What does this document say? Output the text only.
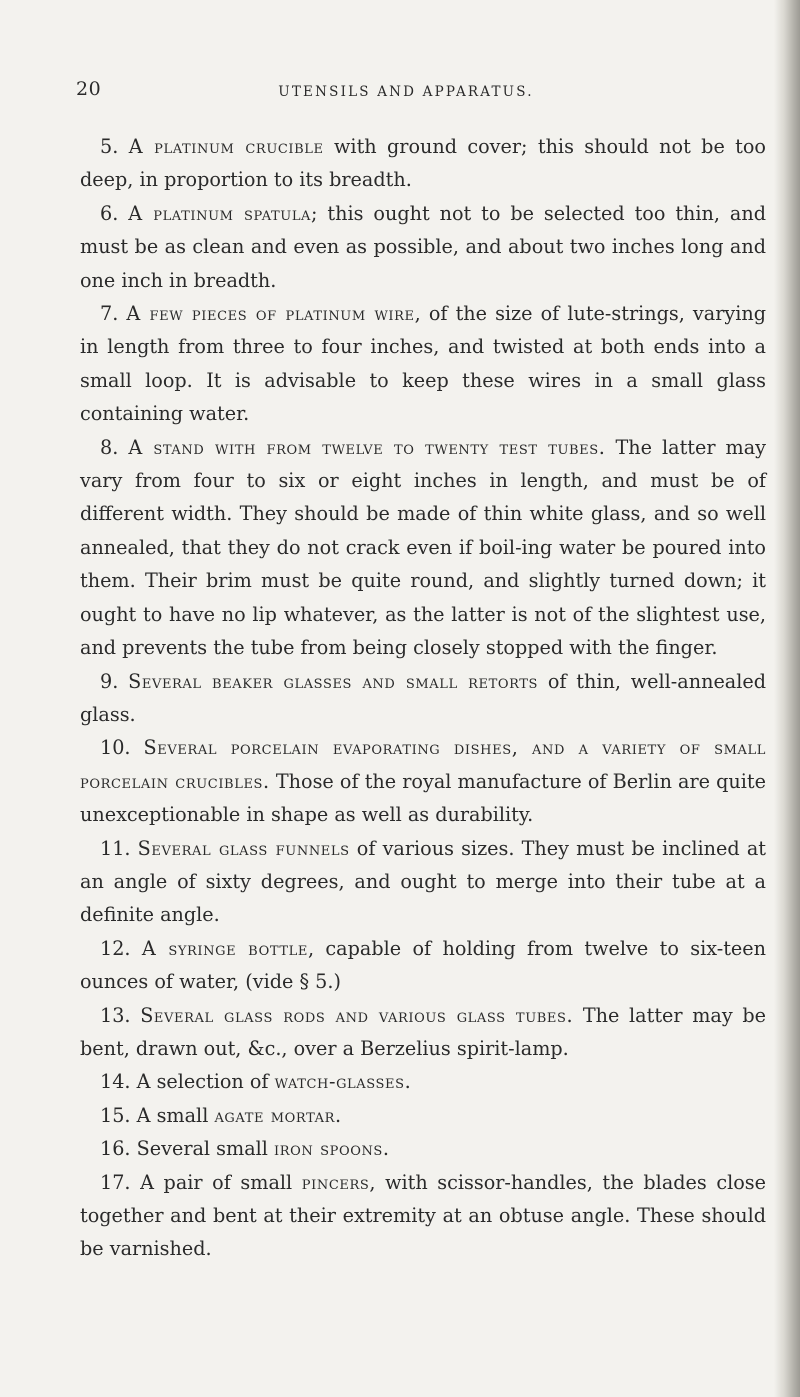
20	UTENSILS AND APPARATUS.

5. A platinum crucible with ground cover; this should not be too deep, in proportion to its breadth.

6. A platinum spatula; this ought not to be selected too thin, and must be as clean and even as possible, and about two inches long and one inch in breadth.

7. A few pieces of platinum wire, of the size of lute-strings, varying in length from three to four inches, and twisted at both ends into a small loop. It is advisable to keep these wires in a small glass containing water.

8. A stand with from twelve to twenty test tubes. The latter may vary from four to six or eight inches in length, and must be of different width. They should be made of thin white glass, and so well annealed, that they do not crack even if boil-ing water be poured into them. Their brim must be quite round, and slightly turned down; it ought to have no lip whatever, as the latter is not of the slightest use, and prevents the tube from being closely stopped with the finger.

9. Several beaker glasses and small retorts of thin, well-annealed glass.

10. Several porcelain evaporating dishes, and a variety of small porcelain crucibles. Those of the royal manufacture of Berlin are quite unexceptionable in shape as well as durability.

11. Several glass funnels of various sizes. They must be inclined at an angle of sixty degrees, and ought to merge into their tube at a definite angle.

12. A syringe bottle, capable of holding from twelve to six-teen ounces of water, (vide § 5.)

13. Several glass rods and various glass tubes. The latter may be bent, drawn out, &c., over a Berzelius spirit-lamp.

14. A selection of watch-glasses.

15. A small agate mortar.

16. Several small iron spoons.

17. A pair of small pincers, with scissor-handles, the blades close together and bent at their extremity at an obtuse angle. These should be varnished.
